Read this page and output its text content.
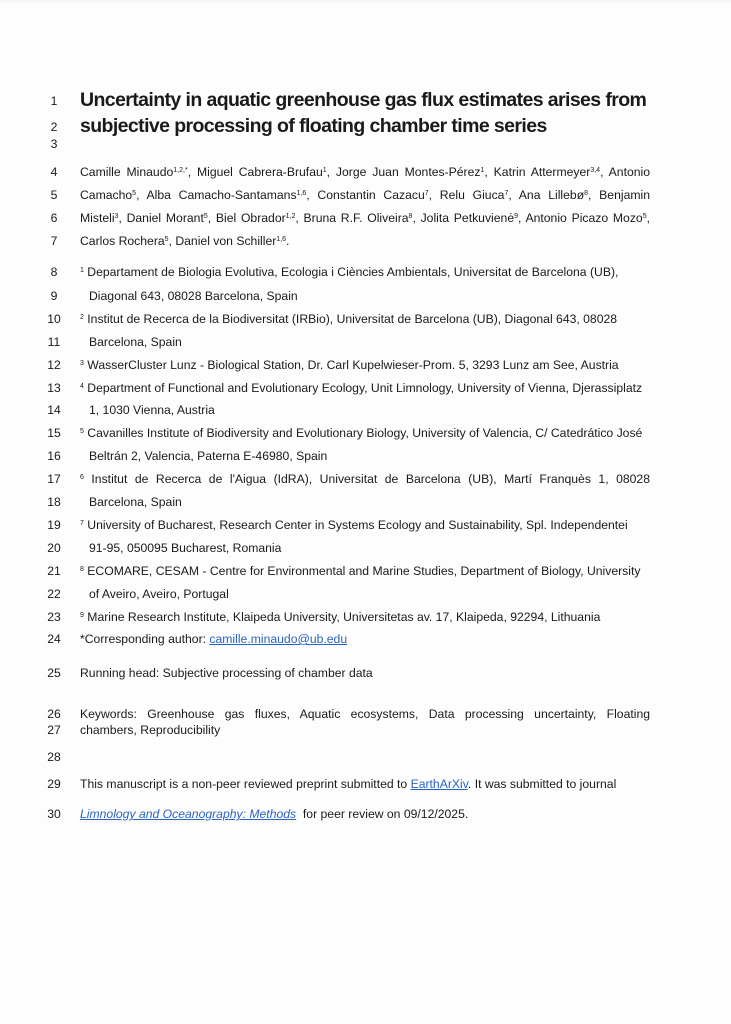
1	Uncertainty in aquatic greenhouse gas flux estimates arises from
2	subjective processing of floating chamber time series
3
4	Camille Minaudo$^{1,2,*}$, Miguel Cabrera-Brufau$^1$, Jorge Juan Montes-Pérez$^1$, Katrin Attermeyer$^{3,4}$, Antonio
5	Camacho$^5$, Alba Camacho-Santamans$^{1,6}$, Constantin Cazacu$^7$, Relu Giuca$^7$, Ana Lillebø$^8$, Benjamin
6	Misteli$^3$, Daniel Morant$^5$, Biel Obrador$^{1,2}$, Bruna R.F. Oliveira$^8$, Jolita Petkuvienė$^9$, Antonio Picazo Mozo$^5$,
7	Carlos Rochera$^5$, Daniel von Schiller$^{1,6}$.
8	$^1$ Departament de Biologia Evolutiva, Ecologia i Ciències Ambientals, Universitat de Barcelona (UB),
9	Diagonal 643, 08028 Barcelona, Spain
10	$^2$ Institut de Recerca de la Biodiversitat (IRBio), Universitat de Barcelona (UB), Diagonal 643, 08028
11	Barcelona, Spain
12	$^3$ WasserCluster Lunz - Biological Station, Dr. Carl Kupelwieser-Prom. 5, 3293 Lunz am See, Austria
13	$^4$ Department of Functional and Evolutionary Ecology, Unit Limnology, University of Vienna, Djerassiplatz
14	1, 1030 Vienna, Austria
15	$^5$ Cavanilles Institute of Biodiversity and Evolutionary Biology, University of Valencia, C/ Catedrático José
16	Beltrán 2, Valencia, Paterna E-46980, Spain
17	$^6$ Institut de Recerca de l'Aigua (IdRA), Universitat de Barcelona (UB), Martí Franquès 1, 08028
18	Barcelona, Spain
19	$^7$ University of Bucharest, Research Center in Systems Ecology and Sustainability, Spl. Independentei
20	91-95, 050095 Bucharest, Romania
21	$^8$ ECOMARE, CESAM - Centre for Environmental and Marine Studies, Department of Biology, University
22	of Aveiro, Aveiro, Portugal
23	$^9$ Marine Research Institute, Klaipeda University, Universitetas av. 17, Klaipeda, 92294, Lithuania
24	*Corresponding author: camille.minaudo@ub.edu
25	Running head: Subjective processing of chamber data
26	Keywords: Greenhouse gas fluxes, Aquatic ecosystems, Data processing uncertainty, Floating
27	chambers, Reproducibility
28
29	This manuscript is a non-peer reviewed preprint submitted to EarthArXiv. It was submitted to journal
30	Limnology and Oceanography: Methods  for peer review on 09/12/2025.
